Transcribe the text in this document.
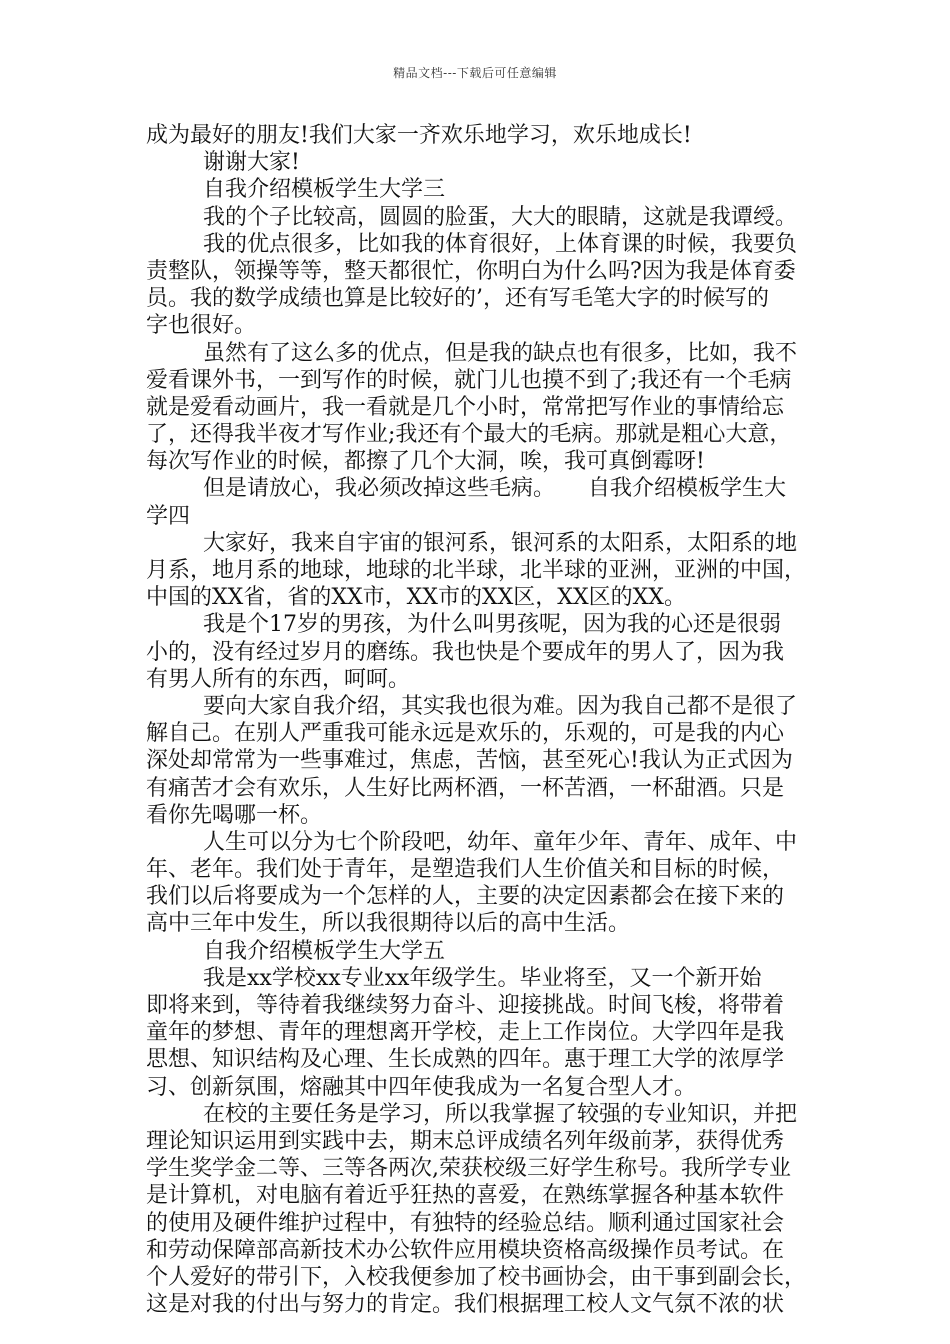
精品文档---下载后可任意编辑
成为最好的朋友!我们大家一齐欢乐地学习，欢乐地成长!
谢谢大家!
自我介绍模板学生大学三
我的个子比较高，圆圆的脸蛋，大大的眼睛，这就是我谭绶。
我的优点很多，比如我的体育很好，上体育课的时候，我要负
责整队，领操等等，整天都很忙，你明白为什么吗?因为我是体育委
员。我的数学成绩也算是比较好的’，还有写毛笔大字的时候写的
字也很好。
虽然有了这么多的优点，但是我的缺点也有很多，比如，我不
爱看课外书，一到写作的时候，就门儿也摸不到了;我还有一个毛病
就是爱看动画片，我一看就是几个小时，常常把写作业的事情给忘
了，还得我半夜才写作业;我还有个最大的毛病。那就是粗心大意，
每次写作业的时候，都擦了几个大洞，唉，我可真倒霉呀!
但是请放心，我必须改掉这些毛病。　　自我介绍模板学生大
学四
大家好，我来自宇宙的银河系，银河系的太阳系，太阳系的地
月系，地月系的地球，地球的北半球，北半球的亚洲，亚洲的中国，
中国的XX省，省的XX市，XX市的XX区，XX区的XX。
我是个17岁的男孩，为什么叫男孩呢，因为我的心还是很弱
小的，没有经过岁月的磨练。我也快是个要成年的男人了，因为我
有男人所有的东西，呵呵。
要向大家自我介绍，其实我也很为难。因为我自己都不是很了
解自己。在别人严重我可能永远是欢乐的，乐观的，可是我的内心
深处却常常为一些事难过，焦虑，苦恼，甚至死心!我认为正式因为
有痛苦才会有欢乐，人生好比两杯酒，一杯苦酒，一杯甜酒。只是
看你先喝哪一杯。
人生可以分为七个阶段吧，幼年、童年少年、青年、成年、中
年、老年。我们处于青年，是塑造我们人生价值关和目标的时候，
我们以后将要成为一个怎样的人，主要的决定因素都会在接下来的
高中三年中发生，所以我很期待以后的高中生活。
自我介绍模板学生大学五
我是xx学校xx专业xx年级学生。毕业将至，又一个新开始
即将来到，等待着我继续努力奋斗、迎接挑战。时间飞梭，将带着
童年的梦想、青年的理想离开学校，走上工作岗位。大学四年是我
思想、知识结构及心理、生长成熟的四年。惠于理工大学的浓厚学
习、创新氛围，熔融其中四年使我成为一名复合型人才。
在校的主要任务是学习，所以我掌握了较强的专业知识，并把
理论知识运用到实践中去，期末总评成绩名列年级前茅，获得优秀
学生奖学金二等、三等各两次,荣获校级三好学生称号。我所学专业
是计算机，对电脑有着近乎狂热的喜爱，在熟练掌握各种基本软件
的使用及硬件维护过程中，有独特的经验总结。顺利通过国家社会
和劳动保障部高新技术办公软件应用模块资格高级操作员考试。在
个人爱好的带引下，入校我便参加了校书画协会，由干事到副会长，
这是对我的付出与努力的肯定。我们根据理工校人文气氛不浓的状
